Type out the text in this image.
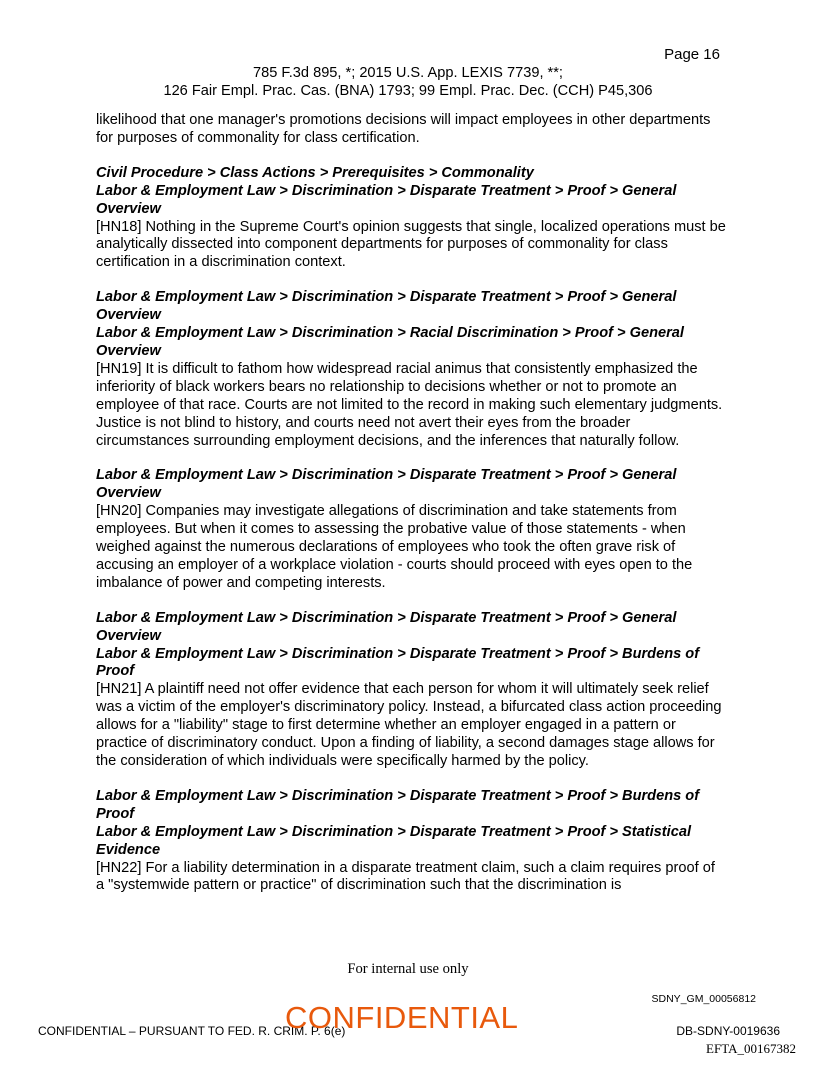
Page 16
785 F.3d 895, *; 2015 U.S. App. LEXIS 7739, **;
126 Fair Empl. Prac. Cas. (BNA) 1793; 99 Empl. Prac. Dec. (CCH) P45,306

likelihood that one manager's promotions decisions will impact employees in other departments for purposes of commonality for class certification.

Civil Procedure > Class Actions > Prerequisites > Commonality
Labor & Employment Law > Discrimination > Disparate Treatment > Proof > General Overview
[HN18] Nothing in the Supreme Court's opinion suggests that single, localized operations must be analytically dissected into component departments for purposes of commonality for class certification in a discrimination context.
Labor & Employment Law > Discrimination > Disparate Treatment > Proof > General Overview
Labor & Employment Law > Discrimination > Racial Discrimination > Proof > General Overview
[HN19] It is difficult to fathom how widespread racial animus that consistently emphasized the inferiority of black workers bears no relationship to decisions whether or not to promote an employee of that race. Courts are not limited to the record in making such elementary judgments. Justice is not blind to history, and courts need not avert their eyes from the broader circumstances surrounding employment decisions, and the inferences that naturally follow.
Labor & Employment Law > Discrimination > Disparate Treatment > Proof > General Overview
[HN20] Companies may investigate allegations of discrimination and take statements from employees. But when it comes to assessing the probative value of those statements - when weighed against the numerous declarations of employees who took the often grave risk of accusing an employer of a workplace violation - courts should proceed with eyes open to the imbalance of power and competing interests.
Labor & Employment Law > Discrimination > Disparate Treatment > Proof > General Overview
Labor & Employment Law > Discrimination > Disparate Treatment > Proof > Burdens of Proof
[HN21] A plaintiff need not offer evidence that each person for whom it will ultimately seek relief was a victim of the employer's discriminatory policy. Instead, a bifurcated class action proceeding allows for a "liability" stage to first determine whether an employer engaged in a pattern or practice of discriminatory conduct. Upon a finding of liability, a second damages stage allows for the consideration of which individuals were specifically harmed by the policy.
Labor & Employment Law > Discrimination > Disparate Treatment > Proof > Burdens of Proof
Labor & Employment Law > Discrimination > Disparate Treatment > Proof > Statistical Evidence
[HN22] For a liability determination in a disparate treatment claim, such a claim requires proof of a "systemwide pattern or practice" of discrimination such that the discrimination is
For internal use only
SDNY_GM_00056812
CONFIDENTIAL – PURSUANT TO FED. R. CRIM. P. 6(e)
CONFIDENTIAL	DB-SDNY-0019636
EFTA_00167382
